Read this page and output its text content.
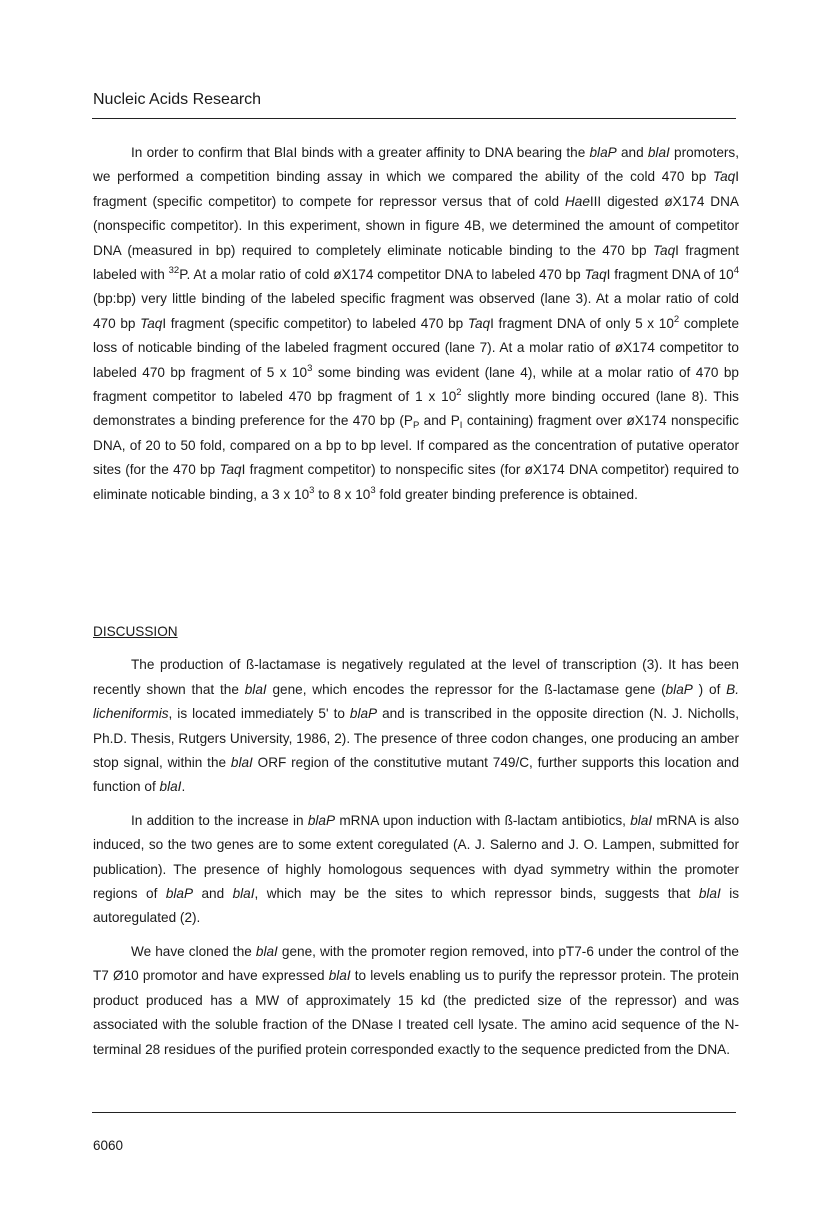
Nucleic Acids Research

In order to confirm that BlaI binds with a greater affinity to DNA bearing the blaP and blaI promoters, we performed a competition binding assay in which we compared the ability of the cold 470 bp TaqI fragment (specific competitor) to compete for repressor versus that of cold HaeIII digested øX174 DNA (nonspecific competitor). In this experiment, shown in figure 4B, we determined the amount of competitor DNA (measured in bp) required to completely eliminate noticable binding to the 470 bp TaqI fragment labeled with $^{32}$P. At a molar ratio of cold øX174 competitor DNA to labeled 470 bp TaqI fragment DNA of $10^4$ (bp:bp) very little binding of the labeled specific fragment was observed (lane 3). At a molar ratio of cold 470 bp TaqI fragment (specific competitor) to labeled 470 bp TaqI fragment DNA of only 5 x $10^2$ complete loss of noticable binding of the labeled fragment occured (lane 7). At a molar ratio of øX174 competitor to labeled 470 bp fragment of 5 x $10^3$ some binding was evident (lane 4), while at a molar ratio of 470 bp fragment competitor to labeled 470 bp fragment of 1 x $10^2$ slightly more binding occured (lane 8). This demonstrates a binding preference for the 470 bp ($P_P$ and $P_I$ containing) fragment over øX174 nonspecific DNA, of 20 to 50 fold, compared on a bp to bp level. If compared as the concentration of putative operator sites (for the 470 bp TaqI fragment competitor) to nonspecific sites (for øX174 DNA competitor) required to eliminate noticable binding, a 3 x $10^3$ to 8 x $10^3$ fold greater binding preference is obtained.

DISCUSSION

The production of ß-lactamase is negatively regulated at the level of transcription (3). It has been recently shown that the blaI gene, which encodes the repressor for the ß-lactamase gene (blaP ) of B. licheniformis, is located immediately 5' to blaP and is transcribed in the opposite direction (N. J. Nicholls, Ph.D. Thesis, Rutgers University, 1986, 2). The presence of three codon changes, one producing an amber stop signal, within the blaI ORF region of the constitutive mutant 749/C, further supports this location and function of blaI.

In addition to the increase in blaP mRNA upon induction with ß-lactam antibiotics, blaI mRNA is also induced, so the two genes are to some extent coregulated (A. J. Salerno and J. O. Lampen, submitted for publication). The presence of highly homologous sequences with dyad symmetry within the promoter regions of blaP and blaI, which may be the sites to which repressor binds, suggests that blaI is autoregulated (2).

We have cloned the blaI gene, with the promoter region removed, into pT7-6 under the control of the T7 Ø10 promotor and have expressed blaI to levels enabling us to purify the repressor protein. The protein product produced has a MW of approximately 15 kd (the predicted size of the repressor) and was associated with the soluble fraction of the DNase I treated cell lysate. The amino acid sequence of the N-terminal 28 residues of the purified protein corresponded exactly to the sequence predicted from the DNA.

6060
